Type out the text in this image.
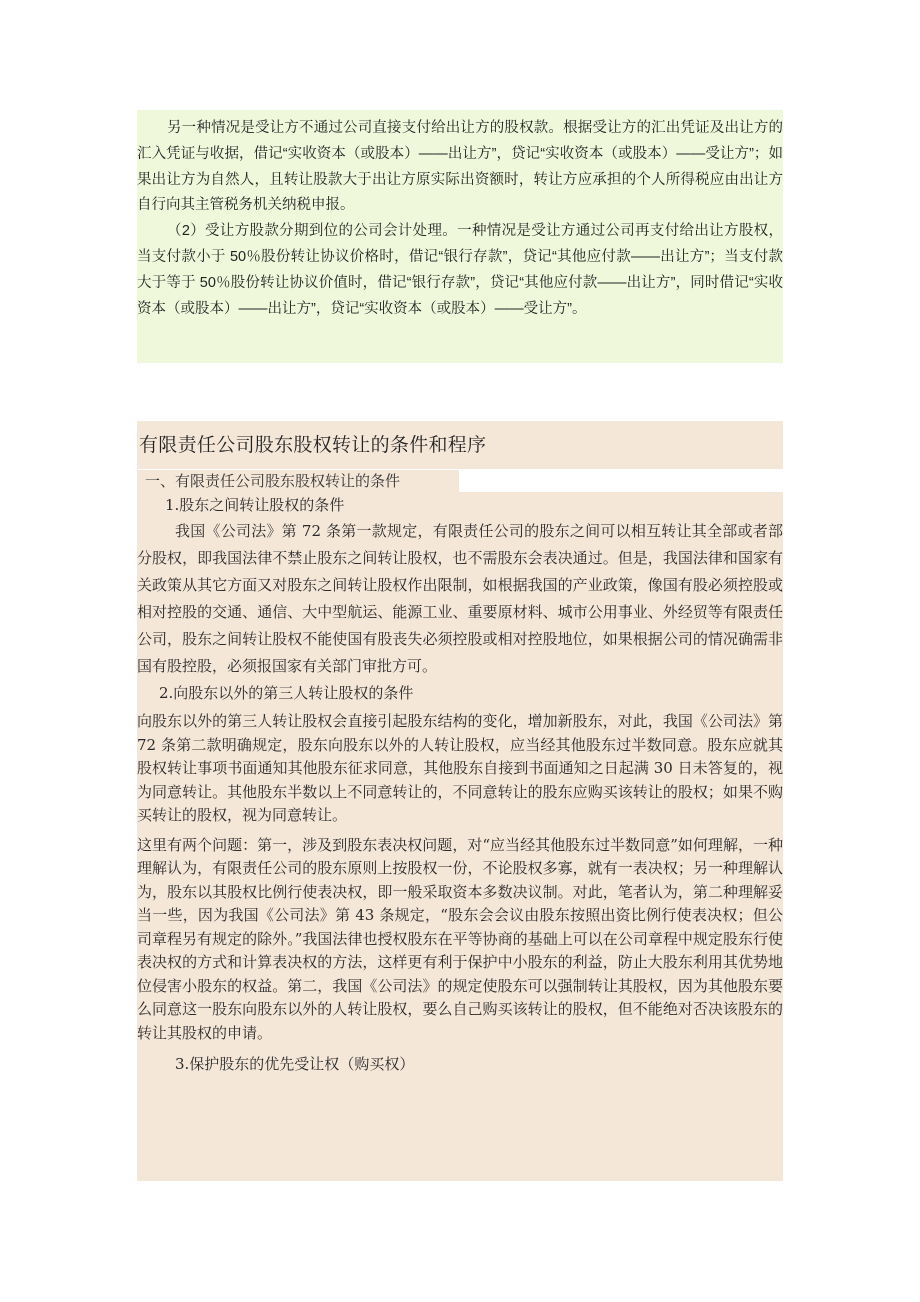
另一种情况是受让方不通过公司直接支付给出让方的股权款。根据受让方的汇出凭证及出让方的汇入凭证与收据，借记“实收资本（或股本）——出让方”，贷记“实收资本（或股本）——受让方”；如果出让方为自然人，且转让股款大于出让方原实际出资额时，转让方应承担的个人所得税应由出让方自行向其主管税务机关纳税申报。

（2）受让方股款分期到位的公司会计处理。一种情况是受让方通过公司再支付给出让方股权，当支付款小于 50％股份转让协议价格时，借记“银行存款”，贷记“其他应付款——出让方”；当支付款大于等于 50％股份转让协议价值时，借记“银行存款”，贷记“其他应付款——出让方”，同时借记“实收资本（或股本）——出让方”，贷记“实收资本（或股本）——受让方”。

有限责任公司股东股权转让的条件和程序
一、有限责任公司股东股权转让的条件

1.股东之间转让股权的条件

我国《公司法》第 72 条第一款规定，有限责任公司的股东之间可以相互转让其全部或者部分股权，即我国法律不禁止股东之间转让股权，也不需股东会表决通过。但是，我国法律和国家有关政策从其它方面又对股东之间转让股权作出限制，如根据我国的产业政策，像国有股必须控股或相对控股的交通、通信、大中型航运、能源工业、重要原材料、城市公用事业、外经贸等有限责任公司，股东之间转让股权不能使国有股丧失必须控股或相对控股地位，如果根据公司的情况确需非国有股控股，必须报国家有关部门审批方可。

2.向股东以外的第三人转让股权的条件

向股东以外的第三人转让股权会直接引起股东结构的变化，增加新股东，对此，我国《公司法》第 72 条第二款明确规定，股东向股东以外的人转让股权，应当经其他股东过半数同意。股东应就其股权转让事项书面通知其他股东征求同意，其他股东自接到书面通知之日起满 30 日未答复的，视为同意转让。其他股东半数以上不同意转让的，不同意转让的股东应购买该转让的股权；如果不购买转让的股权，视为同意转让。

这里有两个问题：第一，涉及到股东表决权问题，对“应当经其他股东过半数同意”如何理解，一种理解认为，有限责任公司的股东原则上按股权一份，不论股权多寡，就有一表决权；另一种理解认为，股东以其股权比例行使表决权，即一般采取资本多数决议制。对此，笔者认为，第二种理解妥当一些，因为我国《公司法》第 43 条规定，“股东会会议由股东按照出资比例行使表决权；但公司章程另有规定的除外。”我国法律也授权股东在平等协商的基础上可以在公司章程中规定股东行使表决权的方式和计算表决权的方法，这样更有利于保护中小股东的利益，防止大股东利用其优势地位侵害小股东的权益。第二，我国《公司法》的规定使股东可以强制转让其股权，因为其他股东要么同意这一股东向股东以外的人转让股权，要么自己购买该转让的股权，但不能绝对否决该股东的转让其股权的申请。

3.保护股东的优先受让权（购买权）
